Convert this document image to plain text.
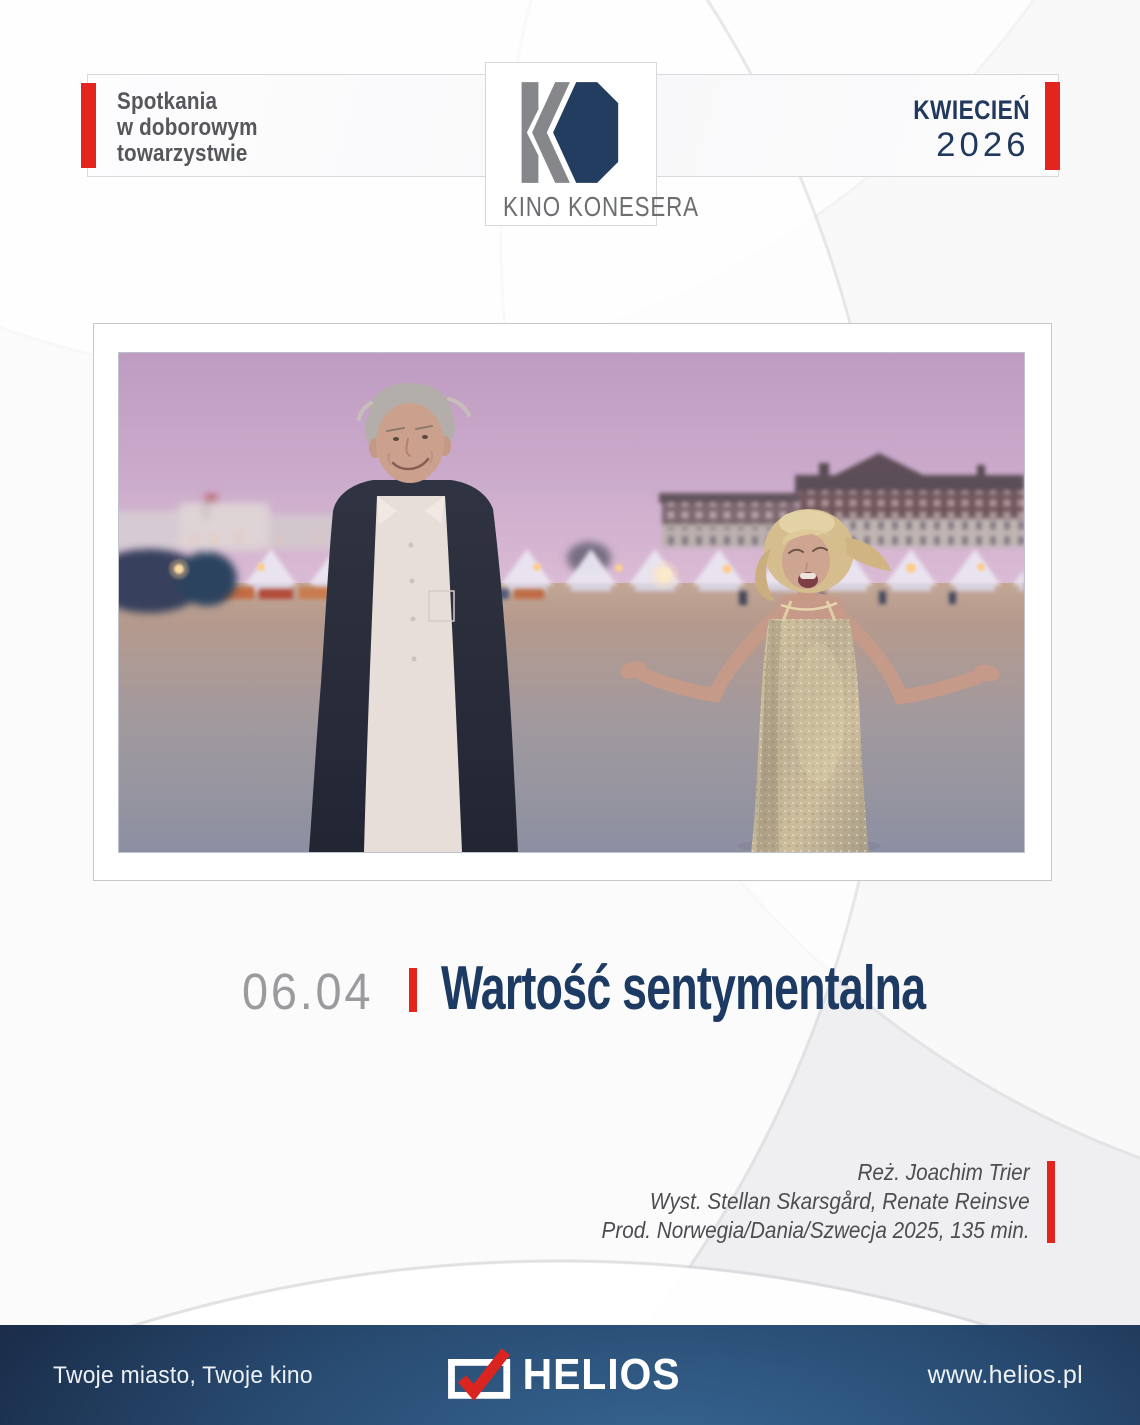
Spotkania
w doborowym
towarzystwie
KINO KONESERA
KWIECIEŃ
2026
06.04 Wartość sentymentalna
Reż. Joachim Trier
Wyst. Stellan Skarsgård, Renate Reinsve
Prod. Norwegia/Dania/Szwecja 2025, 135 min.
Twoje miasto, Twoje kino	HELIOS	www.helios.pl
